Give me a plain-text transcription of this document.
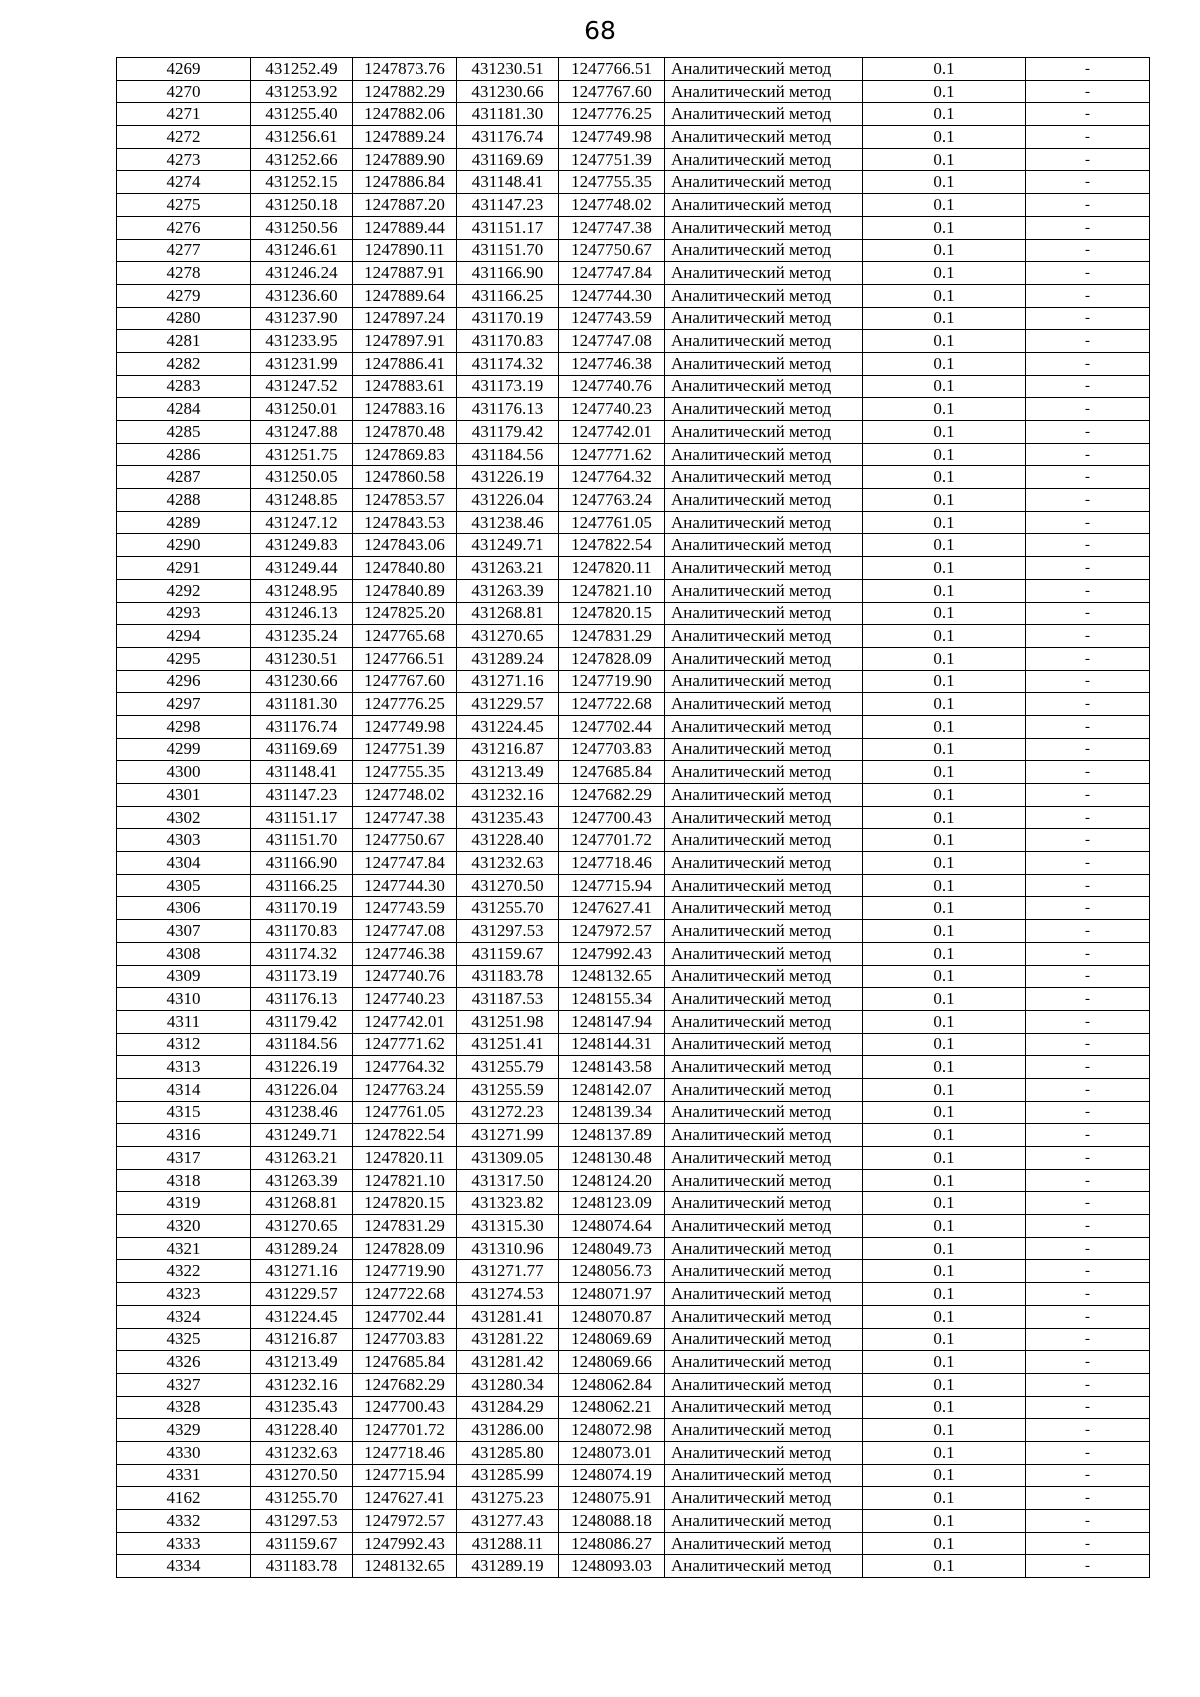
68
4269	431252.49	1247873.76	431230.51	1247766.51	Аналитический метод	0.1	-
4270	431253.92	1247882.29	431230.66	1247767.60	Аналитический метод	0.1	-
4271	431255.40	1247882.06	431181.30	1247776.25	Аналитический метод	0.1	-
4272	431256.61	1247889.24	431176.74	1247749.98	Аналитический метод	0.1	-
4273	431252.66	1247889.90	431169.69	1247751.39	Аналитический метод	0.1	-
4274	431252.15	1247886.84	431148.41	1247755.35	Аналитический метод	0.1	-
4275	431250.18	1247887.20	431147.23	1247748.02	Аналитический метод	0.1	-
4276	431250.56	1247889.44	431151.17	1247747.38	Аналитический метод	0.1	-
4277	431246.61	1247890.11	431151.70	1247750.67	Аналитический метод	0.1	-
4278	431246.24	1247887.91	431166.90	1247747.84	Аналитический метод	0.1	-
4279	431236.60	1247889.64	431166.25	1247744.30	Аналитический метод	0.1	-
4280	431237.90	1247897.24	431170.19	1247743.59	Аналитический метод	0.1	-
4281	431233.95	1247897.91	431170.83	1247747.08	Аналитический метод	0.1	-
4282	431231.99	1247886.41	431174.32	1247746.38	Аналитический метод	0.1	-
4283	431247.52	1247883.61	431173.19	1247740.76	Аналитический метод	0.1	-
4284	431250.01	1247883.16	431176.13	1247740.23	Аналитический метод	0.1	-
4285	431247.88	1247870.48	431179.42	1247742.01	Аналитический метод	0.1	-
4286	431251.75	1247869.83	431184.56	1247771.62	Аналитический метод	0.1	-
4287	431250.05	1247860.58	431226.19	1247764.32	Аналитический метод	0.1	-
4288	431248.85	1247853.57	431226.04	1247763.24	Аналитический метод	0.1	-
4289	431247.12	1247843.53	431238.46	1247761.05	Аналитический метод	0.1	-
4290	431249.83	1247843.06	431249.71	1247822.54	Аналитический метод	0.1	-
4291	431249.44	1247840.80	431263.21	1247820.11	Аналитический метод	0.1	-
4292	431248.95	1247840.89	431263.39	1247821.10	Аналитический метод	0.1	-
4293	431246.13	1247825.20	431268.81	1247820.15	Аналитический метод	0.1	-
4294	431235.24	1247765.68	431270.65	1247831.29	Аналитический метод	0.1	-
4295	431230.51	1247766.51	431289.24	1247828.09	Аналитический метод	0.1	-
4296	431230.66	1247767.60	431271.16	1247719.90	Аналитический метод	0.1	-
4297	431181.30	1247776.25	431229.57	1247722.68	Аналитический метод	0.1	-
4298	431176.74	1247749.98	431224.45	1247702.44	Аналитический метод	0.1	-
4299	431169.69	1247751.39	431216.87	1247703.83	Аналитический метод	0.1	-
4300	431148.41	1247755.35	431213.49	1247685.84	Аналитический метод	0.1	-
4301	431147.23	1247748.02	431232.16	1247682.29	Аналитический метод	0.1	-
4302	431151.17	1247747.38	431235.43	1247700.43	Аналитический метод	0.1	-
4303	431151.70	1247750.67	431228.40	1247701.72	Аналитический метод	0.1	-
4304	431166.90	1247747.84	431232.63	1247718.46	Аналитический метод	0.1	-
4305	431166.25	1247744.30	431270.50	1247715.94	Аналитический метод	0.1	-
4306	431170.19	1247743.59	431255.70	1247627.41	Аналитический метод	0.1	-
4307	431170.83	1247747.08	431297.53	1247972.57	Аналитический метод	0.1	-
4308	431174.32	1247746.38	431159.67	1247992.43	Аналитический метод	0.1	-
4309	431173.19	1247740.76	431183.78	1248132.65	Аналитический метод	0.1	-
4310	431176.13	1247740.23	431187.53	1248155.34	Аналитический метод	0.1	-
4311	431179.42	1247742.01	431251.98	1248147.94	Аналитический метод	0.1	-
4312	431184.56	1247771.62	431251.41	1248144.31	Аналитический метод	0.1	-
4313	431226.19	1247764.32	431255.79	1248143.58	Аналитический метод	0.1	-
4314	431226.04	1247763.24	431255.59	1248142.07	Аналитический метод	0.1	-
4315	431238.46	1247761.05	431272.23	1248139.34	Аналитический метод	0.1	-
4316	431249.71	1247822.54	431271.99	1248137.89	Аналитический метод	0.1	-
4317	431263.21	1247820.11	431309.05	1248130.48	Аналитический метод	0.1	-
4318	431263.39	1247821.10	431317.50	1248124.20	Аналитический метод	0.1	-
4319	431268.81	1247820.15	431323.82	1248123.09	Аналитический метод	0.1	-
4320	431270.65	1247831.29	431315.30	1248074.64	Аналитический метод	0.1	-
4321	431289.24	1247828.09	431310.96	1248049.73	Аналитический метод	0.1	-
4322	431271.16	1247719.90	431271.77	1248056.73	Аналитический метод	0.1	-
4323	431229.57	1247722.68	431274.53	1248071.97	Аналитический метод	0.1	-
4324	431224.45	1247702.44	431281.41	1248070.87	Аналитический метод	0.1	-
4325	431216.87	1247703.83	431281.22	1248069.69	Аналитический метод	0.1	-
4326	431213.49	1247685.84	431281.42	1248069.66	Аналитический метод	0.1	-
4327	431232.16	1247682.29	431280.34	1248062.84	Аналитический метод	0.1	-
4328	431235.43	1247700.43	431284.29	1248062.21	Аналитический метод	0.1	-
4329	431228.40	1247701.72	431286.00	1248072.98	Аналитический метод	0.1	-
4330	431232.63	1247718.46	431285.80	1248073.01	Аналитический метод	0.1	-
4331	431270.50	1247715.94	431285.99	1248074.19	Аналитический метод	0.1	-
4162	431255.70	1247627.41	431275.23	1248075.91	Аналитический метод	0.1	-
4332	431297.53	1247972.57	431277.43	1248088.18	Аналитический метод	0.1	-
4333	431159.67	1247992.43	431288.11	1248086.27	Аналитический метод	0.1	-
4334	431183.78	1248132.65	431289.19	1248093.03	Аналитический метод	0.1	-
